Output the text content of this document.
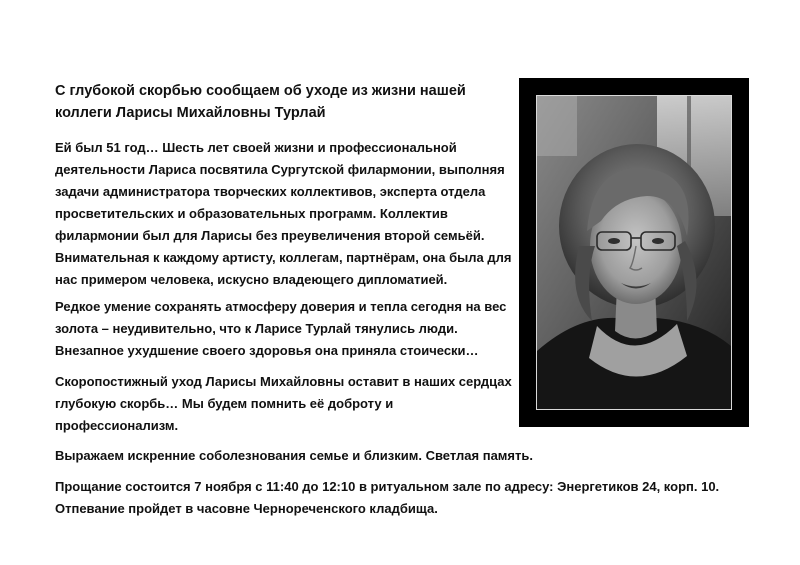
С глубокой скорбью сообщаем об уходе из жизни нашей коллеги Ларисы Михайловны Турлай

Ей был 51 год… Шесть лет своей жизни и профессиональной деятельности Лариса посвятила Сургутской филармонии, выполняя задачи администратора творческих коллективов, эксперта отдела просветительских и образовательных программ. Коллектив филармонии был для Ларисы без преувеличения второй семьёй. Внимательная к каждому артисту, коллегам, партнёрам, она была для нас примером человека, искусно владеющего дипломатией.

Редкое умение сохранять атмосферу доверия и тепла сегодня на вес золота – неудивительно, что к Ларисе Турлай тянулись люди. Внезапное ухудшение своего здоровья она приняла стоически…

Скоропостижный уход Ларисы Михайловны оставит в наших сердцах глубокую скорбь… Мы будем помнить её доброту и профессионализм.

Выражаем искренние соболезнования семье и близким. Светлая память.

Прощание состоится 7 ноября с 11:40 до 12:10 в ритуальном зале по адресу: Энергетиков 24, корп. 10. Отпевание пройдет в часовне Чернореченского кладбища.
